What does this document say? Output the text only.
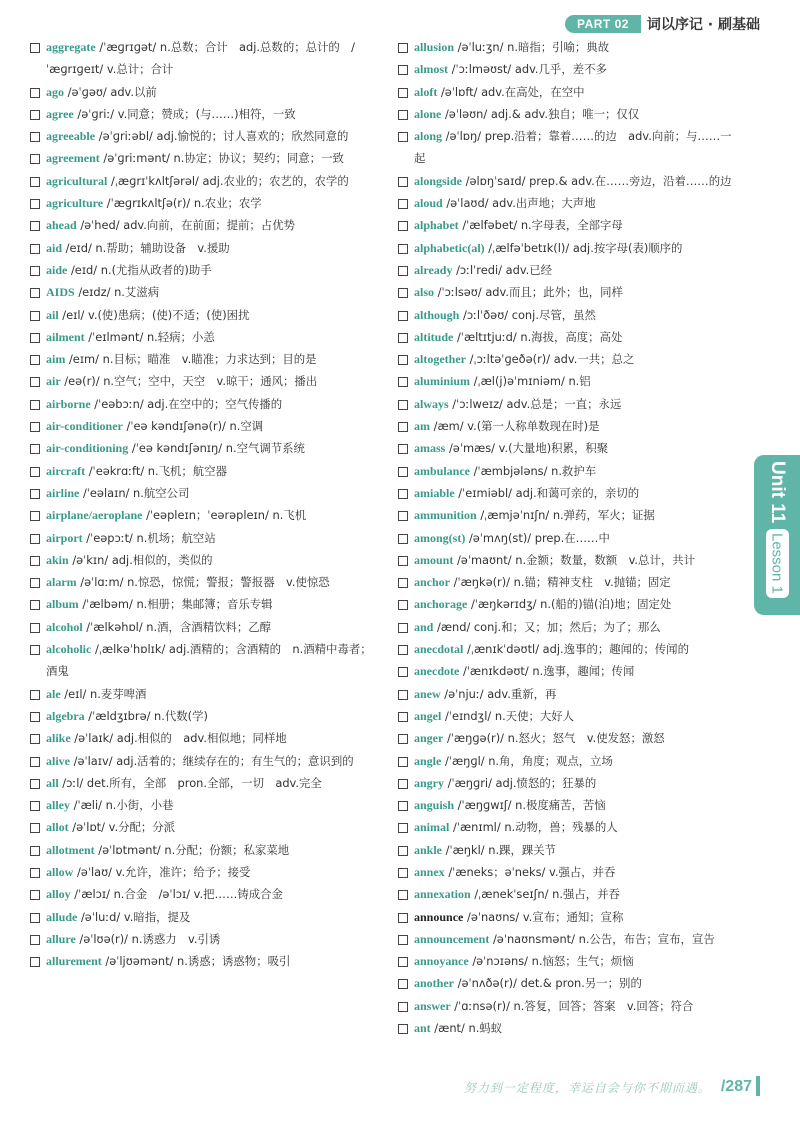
PART 02	词以序记 · 刷基础
aggregate /ˈæɡrɪɡət/ n.总数；合计　adj.总数的；总计的　/ˈæɡrɪɡeɪt/ v.总计；合计
ago /əˈɡəʊ/ adv.以前
agree /əˈɡriː/ v.同意；赞成；(与……)相符，一致
agreeable /əˈɡriːəbl/ adj.愉悦的；讨人喜欢的；欣然同意的
agreement /əˈɡriːmənt/ n.协定；协议；契约；同意；一致
agricultural /ˌæɡrɪˈkʌltʃərəl/ adj.农业的；农艺的，农学的
agriculture /ˈæɡrɪkʌltʃə(r)/ n.农业；农学
ahead /əˈhed/ adv.向前，在前面；提前；占优势
aid /eɪd/ n.帮助；辅助设备　v.援助
aide /eɪd/ n.(尤指从政者的)助手
AIDS /eɪdz/ n.艾滋病
ail /eɪl/ v.(使)患病；(使)不适；(使)困扰
ailment /ˈeɪlmənt/ n.轻病；小恙
aim /eɪm/ n.目标；瞄准　v.瞄准；力求达到；目的是
air /eə(r)/ n.空气；空中，天空　v.晾干；通风；播出
airborne /ˈeəbɔːn/ adj.在空中的；空气传播的
air-conditioner /ˈeə kəndɪʃənə(r)/ n.空调
air-conditioning /ˈeə kəndɪʃənɪŋ/ n.空气调节系统
aircraft /ˈeəkrɑːft/ n.飞机；航空器
airline /ˈeəlaɪn/ n.航空公司
airplane/aeroplane /ˈeəpleɪn；ˈeərəpleɪn/ n.飞机
airport /ˈeəpɔːt/ n.机场；航空站
akin /əˈkɪn/ adj.相似的，类似的
alarm /əˈlɑːm/ n.惊恐，惊慌；警报；警报器　v.使惊恐
album /ˈælbəm/ n.相册；集邮簿；音乐专辑
alcohol /ˈælkəhɒl/ n.酒，含酒精饮料；乙醇
alcoholic /ˌælkəˈhɒlɪk/ adj.酒精的；含酒精的　n.酒精中毒者；酒鬼
ale /eɪl/ n.麦芽啤酒
algebra /ˈældʒɪbrə/ n.代数(学)
alike /əˈlaɪk/ adj.相似的　adv.相似地；同样地
alive /əˈlaɪv/ adj.活着的；继续存在的；有生气的；意识到的
all /ɔːl/ det.所有，全部　pron.全部，一切　adv.完全
alley /ˈæli/ n.小街，小巷
allot /əˈlɒt/ v.分配；分派
allotment /əˈlɒtmənt/ n.分配；份额；私家菜地
allow /əˈlaʊ/ v.允许，准许；给予；接受
alloy /ˈælɔɪ/ n.合金　/əˈlɔɪ/ v.把……铸成合金
allude /əˈluːd/ v.暗指，提及
allure /əˈlʊə(r)/ n.诱惑力　v.引诱
allurement /əˈljʊəmənt/ n.诱惑；诱惑物；吸引
allusion /əˈluːʒn/ n.暗指；引喻；典故
almost /ˈɔːlməʊst/ adv.几乎，差不多
aloft /əˈlɒft/ adv.在高处，在空中
alone /əˈləʊn/ adj.& adv.独自；唯一；仅仅
along /əˈlɒŋ/ prep.沿着；靠着……的边　adv.向前；与……一起
alongside /əlɒŋˈsaɪd/ prep.& adv.在……旁边，沿着……的边
aloud /əˈlaʊd/ adv.出声地；大声地
alphabet /ˈælfəbet/ n.字母表，全部字母
alphabetic(al) /ˌælfəˈbetɪk(l)/ adj.按字母(表)顺序的
already /ɔːlˈredi/ adv.已经
also /ˈɔːlsəʊ/ adv.而且；此外；也，同样
although /ɔːlˈðəʊ/ conj.尽管，虽然
altitude /ˈæltɪtjuːd/ n.海拔，高度；高处
altogether /ˌɔːltəˈɡeðə(r)/ adv.一共；总之
aluminium /ˌæl(j)əˈmɪniəm/ n.铝
always /ˈɔːlweɪz/ adv.总是；一直；永远
am /æm/ v.(第一人称单数现在时)是
amass /əˈmæs/ v.(大量地)积累，积聚
ambulance /ˈæmbjələns/ n.救护车
amiable /ˈeɪmiəbl/ adj.和蔼可亲的，亲切的
ammunition /ˌæmjəˈnɪʃn/ n.弹药，军火；证据
among(st) /əˈmʌŋ(st)/ prep.在……中
amount /əˈmaʊnt/ n.金额；数量，数额　v.总计，共计
anchor /ˈæŋkə(r)/ n.锚；精神支柱　v.抛锚；固定
anchorage /ˈæŋkərɪdʒ/ n.(船的)锚(泊)地；固定处
and /ænd/ conj.和；又；加；然后；为了；那么
anecdotal /ˌænɪkˈdəʊtl/ adj.逸事的；趣闻的；传闻的
anecdote /ˈænɪkdəʊt/ n.逸事，趣闻；传闻
anew /əˈnjuː/ adv.重新，再
angel /ˈeɪndʒl/ n.天使；大好人
anger /ˈæŋɡə(r)/ n.怒火；怒气　v.使发怒；激怒
angle /ˈæŋɡl/ n.角，角度；观点，立场
angry /ˈæŋɡri/ adj.愤怒的；狂暴的
anguish /ˈæŋɡwɪʃ/ n.极度痛苦，苦恼
animal /ˈænɪml/ n.动物，兽；残暴的人
ankle /ˈæŋkl/ n.踝，踝关节
annex /ˈæneks；əˈneks/ v.强占，并吞
annexation /ˌænekˈseɪʃn/ n.强占，并吞
announce /əˈnaʊns/ v.宣布；通知；宣称
announcement /əˈnaʊnsmənt/ n.公告，布告；宣布，宣告
annoyance /əˈnɔɪəns/ n.恼怒；生气；烦恼
another /əˈnʌðə(r)/ det.& pron.另一；别的
answer /ˈɑːnsə(r)/ n.答复，回答；答案　v.回答；符合
ant /ænt/ n.蚂蚁
Unit 11
Lesson 1
努力到一定程度，幸运自会与你不期而遇。 /287
